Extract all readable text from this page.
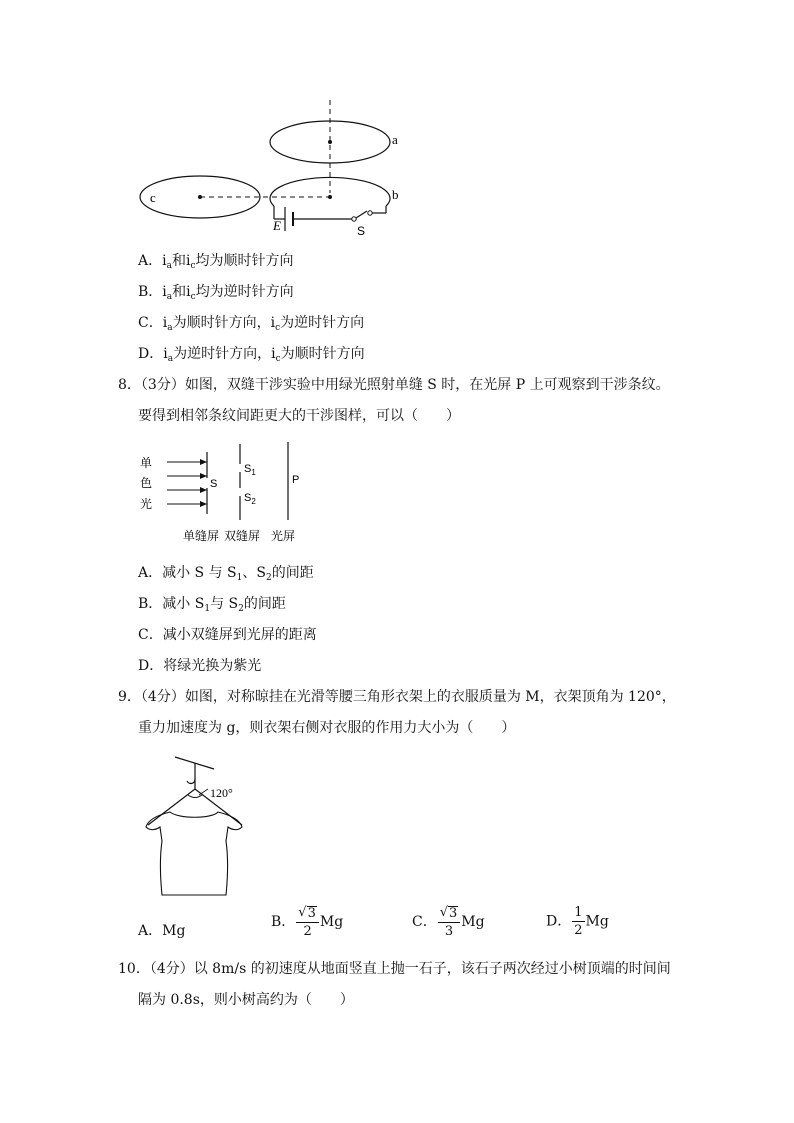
a
b
c
E	S
A．$i_a$和$i_c$均为顺时针方向
B．$i_a$和$i_c$均为逆时针方向
C．$i_a$为顺时针方向，$i_c$为逆时针方向
D．$i_a$为逆时针方向，$i_c$为顺时针方向
8．（3分）如图，双缝干涉实验中用绿光照射单缝 S 时，在光屏 P 上可观察到干涉条纹。
要得到相邻条纹间距更大的干涉图样，可以（　　）
单
色
光
S
$S_1$
$S_2$
P
单缝屏 双缝屏 光屏
A．减小 S 与 $S_1$、$S_2$的间距
B．减小 $S_1$与 $S_2$的间距
C．减小双缝屏到光屏的距离
D．将绿光换为紫光
9．（4分）如图，对称晾挂在光滑等腰三角形衣架上的衣服质量为 M，衣架顶角为 120°，
重力加速度为 g，则衣架右侧对衣服的作用力大小为（　　）
120°
A．Mg
B． $\frac{√ 3}{2}$ Mg	C． $\frac{√ 3}{3}$ Mg	D． $\frac{1}{2}$ Mg
10．（4分）以 8m/s 的初速度从地面竖直上抛一石子，该石子两次经过小树顶端的时间间
隔为 0.8s，则小树高约为（　　）
